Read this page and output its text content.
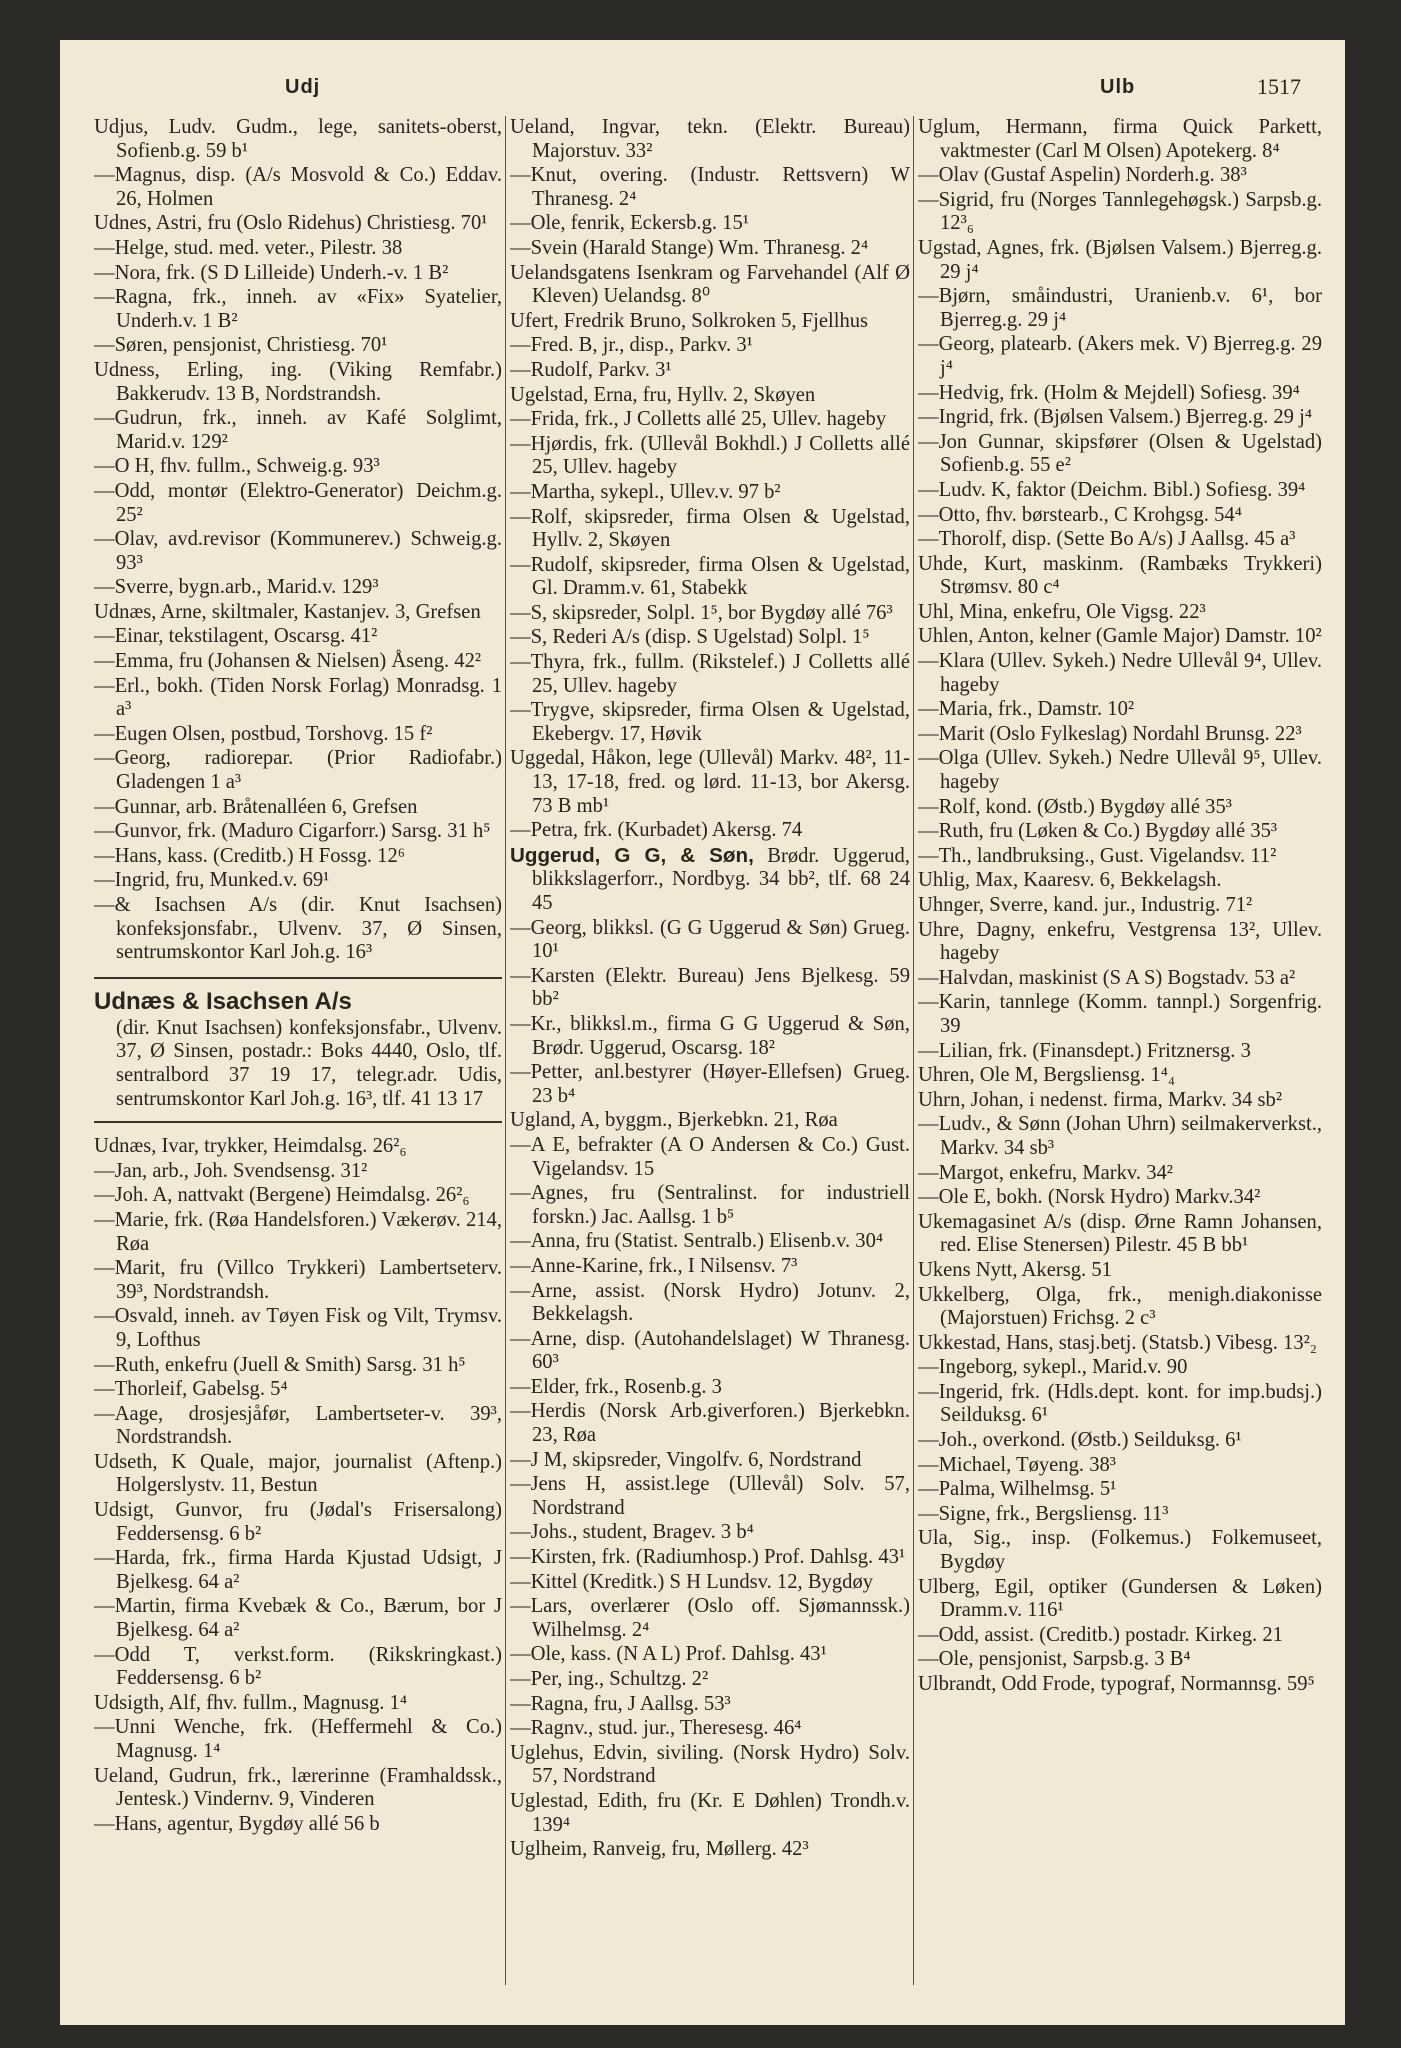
Udj	Ulb	1517
Udjus, Ludv. Gudm., lege, sanitets-oberst, Sofienb.g. 59 b¹
—Magnus, disp. (A/s Mosvold & Co.) Eddav. 26, Holmen
Udnes, Astri, fru (Oslo Ridehus) Christiesg. 70¹
—Helge, stud. med. veter., Pilestr. 38
—Nora, frk. (S D Lilleide) Underh.-v. 1 B²
—Ragna, frk., inneh. av «Fix» Syatelier, Underh.v. 1 B²
—Søren, pensjonist, Christiesg. 70¹
Udness, Erling, ing. (Viking Remfabr.) Bakkerudv. 13 B, Nordstrandsh.
—Gudrun, frk., inneh. av Kafé Solglimt, Marid.v. 129²
—O H, fhv. fullm., Schweig.g. 93³
—Odd, montør (Elektro-Generator) Deichm.g. 25²
—Olav, avd.revisor (Kommunerev.) Schweig.g. 93³
—Sverre, bygn.arb., Marid.v. 129³
Udnæs, Arne, skiltmaler, Kastanjev. 3, Grefsen
—Einar, tekstilagent, Oscarsg. 41²
—Emma, fru (Johansen & Nielsen) Åseng. 42²
—Erl., bokh. (Tiden Norsk Forlag) Monradsg. 1 a³
—Eugen Olsen, postbud, Torshovg. 15 f²
—Georg, radiorepar. (Prior Radiofabr.) Gladengen 1 a³
—Gunnar, arb. Bråtenalléen 6, Grefsen
—Gunvor, frk. (Maduro Cigarforr.) Sarsg. 31 h⁵
—Hans, kass. (Creditb.) H Fossg. 12⁶
—Ingrid, fru, Munked.v. 69¹
—& Isachsen A/s (dir. Knut Isachsen) konfeksjonsfabr., Ulvenv. 37, Ø Sinsen, sentrumskontor Karl Joh.g. 16³
Udnæs & Isachsen A/s
(dir. Knut Isachsen) konfeksjonsfabr., Ulvenv. 37, Ø Sinsen, postadr.: Boks 4440, Oslo, tlf. sentralbord 37 19 17, telegr.adr. Udis, sentrumskontor Karl Joh.g. 16³, tlf. 41 13 17
Udnæs, Ivar, trykker, Heimdalsg. 26²₆
—Jan, arb., Joh. Svendsensg. 31²
—Joh. A, nattvakt (Bergene) Heimdalsg. 26²₆
—Marie, frk. (Røa Handelsforen.) Vækerøv. 214, Røa
—Marit, fru (Villco Trykkeri) Lambertseterv. 39³, Nordstrandsh.
—Osvald, inneh. av Tøyen Fisk og Vilt, Trymsv. 9, Lofthus
—Ruth, enkefru (Juell & Smith) Sarsg. 31 h⁵
—Thorleif, Gabelsg. 5⁴
—Aage, drosjesjåfør, Lambertseter-v. 39³, Nordstrandsh.
Udseth, K Quale, major, journalist (Aftenp.) Holgerslystv. 11, Bestun
Udsigt, Gunvor, fru (Jødal's Frisersalong) Feddersensg. 6 b²
—Harda, frk., firma Harda Kjustad Udsigt, J Bjelkesg. 64 a²
—Martin, firma Kvebæk & Co., Bærum, bor J Bjelkesg. 64 a²
—Odd T, verkst.form. (Rikskringkast.) Feddersensg. 6 b²
Udsigth, Alf, fhv. fullm., Magnusg. 1⁴
—Unni Wenche, frk. (Heffermehl & Co.) Magnusg. 1⁴
Ueland, Gudrun, frk., lærerinne (Framhaldssk., Jentesk.) Vindernv. 9, Vinderen
—Hans, agentur, Bygdøy allé 56 b
Ueland, Ingvar, tekn. (Elektr. Bureau) Majorstuv. 33²
—Knut, overing. (Industr. Rettsvern) W Thranesg. 2⁴
—Ole, fenrik, Eckersb.g. 15¹
—Svein (Harald Stange) Wm. Thranesg. 2⁴
Uelandsgatens Isenkram og Farvehandel (Alf Ø Kleven) Uelandsg. 8⁰
Ufert, Fredrik Bruno, Solkroken 5, Fjellhus
—Fred. B, jr., disp., Parkv. 3¹
—Rudolf, Parkv. 3¹
Ugelstad, Erna, fru, Hyllv. 2, Skøyen
—Frida, frk., J Colletts allé 25, Ullev. hageby
—Hjørdis, frk. (Ullevål Bokhdl.) J Colletts allé 25, Ullev. hageby
—Martha, sykepl., Ullev.v. 97 b²
—Rolf, skipsreder, firma Olsen & Ugelstad, Hyllv. 2, Skøyen
—Rudolf, skipsreder, firma Olsen & Ugelstad, Gl. Dramm.v. 61, Stabekk
—S, skipsreder, Solpl. 1⁵, bor Bygdøy allé 76³
—S, Rederi A/s (disp. S Ugelstad) Solpl. 1⁵
—Thyra, frk., fullm. (Rikstelef.) J Colletts allé 25, Ullev. hageby
—Trygve, skipsreder, firma Olsen & Ugelstad, Ekebergv. 17, Høvik
Uggedal, Håkon, lege (Ullevål) Markv. 48², 11-13, 17-18, fred. og lørd. 11-13, bor Akersg. 73 B mb¹
—Petra, frk. (Kurbadet) Akersg. 74
Uggerud, G G, & Søn, Brødr. Uggerud, blikkslagerforr., Nordbyg. 34 bb², tlf. 68 24 45
—Georg, blikksl. (G G Uggerud & Søn) Grueg. 10¹
—Karsten (Elektr. Bureau) Jens Bjelkesg. 59 bb²
—Kr., blikksl.m., firma G G Uggerud & Søn, Brødr. Uggerud, Oscarsg. 18²
—Petter, anl.bestyrer (Høyer-Ellefsen) Grueg. 23 b⁴
Ugland, A, byggm., Bjerkebkn. 21, Røa
—A E, befrakter (A O Andersen & Co.) Gust. Vigelandsv. 15
—Agnes, fru (Sentralinst. for industriell forskn.) Jac. Aallsg. 1 b⁵
—Anna, fru (Statist. Sentralb.) Elisenb.v. 30⁴
—Anne-Karine, frk., I Nilsensv. 7³
—Arne, assist. (Norsk Hydro) Jotunv. 2, Bekkelagsh.
—Arne, disp. (Autohandelslaget) W Thranesg. 60³
—Elder, frk., Rosenb.g. 3
—Herdis (Norsk Arb.giverforen.) Bjerkebkn. 23, Røa
—J M, skipsreder, Vingolfv. 6, Nordstrand
—Jens H, assist.lege (Ullevål) Solv. 57, Nordstrand
—Johs., student, Bragev. 3 b⁴
—Kirsten, frk. (Radiumhosp.) Prof. Dahlsg. 43¹
—Kittel (Kreditk.) S H Lundsv. 12, Bygdøy
—Lars, overlærer (Oslo off. Sjømannssk.) Wilhelmsg. 2⁴
—Ole, kass. (N A L) Prof. Dahlsg. 43¹
—Per, ing., Schultzg. 2²
—Ragna, fru, J Aallsg. 53³
—Ragnv., stud. jur., Theresesg. 46⁴
Uglehus, Edvin, siviling. (Norsk Hydro) Solv. 57, Nordstrand
Uglestad, Edith, fru (Kr. E Døhlen) Trondh.v. 139⁴
Uglheim, Ranveig, fru, Møllerg. 42³
Uglum, Hermann, firma Quick Parkett, vaktmester (Carl M Olsen) Apotekerg. 8⁴
—Olav (Gustaf Aspelin) Norderh.g. 38³
—Sigrid, fru (Norges Tannlegehøgsk.) Sarpsb.g. 12³₆
Ugstad, Agnes, frk. (Bjølsen Valsem.) Bjerreg.g. 29 j⁴
—Bjørn, småindustri, Uranienb.v. 6¹, bor Bjerreg.g. 29 j⁴
—Georg, platearb. (Akers mek. V) Bjerreg.g. 29 j⁴
—Hedvig, frk. (Holm & Mejdell) Sofiesg. 39⁴
—Ingrid, frk. (Bjølsen Valsem.) Bjerreg.g. 29 j⁴
—Jon Gunnar, skipsfører (Olsen & Ugelstad) Sofienb.g. 55 e²
—Ludv. K, faktor (Deichm. Bibl.) Sofiesg. 39⁴
—Otto, fhv. børstearb., C Krohgsg. 54⁴
—Thorolf, disp. (Sette Bo A/s) J Aallsg. 45 a³
Uhde, Kurt, maskinm. (Rambæks Trykkeri) Strømsv. 80 c⁴
Uhl, Mina, enkefru, Ole Vigsg. 22³
Uhlen, Anton, kelner (Gamle Major) Damstr. 10²
—Klara (Ullev. Sykeh.) Nedre Ullevål 9⁴, Ullev. hageby
—Maria, frk., Damstr. 10²
—Marit (Oslo Fylkeslag) Nordahl Brunsg. 22³
—Olga (Ullev. Sykeh.) Nedre Ullevål 9⁵, Ullev. hageby
—Rolf, kond. (Østb.) Bygdøy allé 35³
—Ruth, fru (Løken & Co.) Bygdøy allé 35³
—Th., landbruksing., Gust. Vigelandsv. 11²
Uhlig, Max, Kaaresv. 6, Bekkelagsh.
Uhnger, Sverre, kand. jur., Industrig. 71²
Uhre, Dagny, enkefru, Vestgrensa 13², Ullev. hageby
—Halvdan, maskinist (S A S) Bogstadv. 53 a²
—Karin, tannlege (Komm. tannpl.) Sorgenfrig. 39
—Lilian, frk. (Finansdept.) Fritznersg. 3
Uhren, Ole M, Bergsliensg. 1⁴₄
Uhrn, Johan, i nedenst. firma, Markv. 34 sb²
—Ludv., & Sønn (Johan Uhrn) seilmakerverkst., Markv. 34 sb³
—Margot, enkefru, Markv. 34²
—Ole E, bokh. (Norsk Hydro) Markv.34²
Ukemagasinet A/s (disp. Ørne Ramn Johansen, red. Elise Stenersen) Pilestr. 45 B bb¹
Ukens Nytt, Akersg. 51
Ukkelberg, Olga, frk., menigh.diakonisse (Majorstuen) Frichsg. 2 c³
Ukkestad, Hans, stasj.betj. (Statsb.) Vibesg. 13²₂
—Ingeborg, sykepl., Marid.v. 90
—Ingerid, frk. (Hdls.dept. kont. for imp.budsj.) Seilduksg. 6¹
—Joh., overkond. (Østb.) Seilduksg. 6¹
—Michael, Tøyeng. 38³
—Palma, Wilhelmsg. 5¹
—Signe, frk., Bergsliensg. 11³
Ula, Sig., insp. (Folkemus.) Folkemuseet, Bygdøy
Ulberg, Egil, optiker (Gundersen & Løken) Dramm.v. 116¹
—Odd, assist. (Creditb.) postadr. Kirkeg. 21
—Ole, pensjonist, Sarpsb.g. 3 B⁴
Ulbrandt, Odd Frode, typograf, Normannsg. 59⁵
